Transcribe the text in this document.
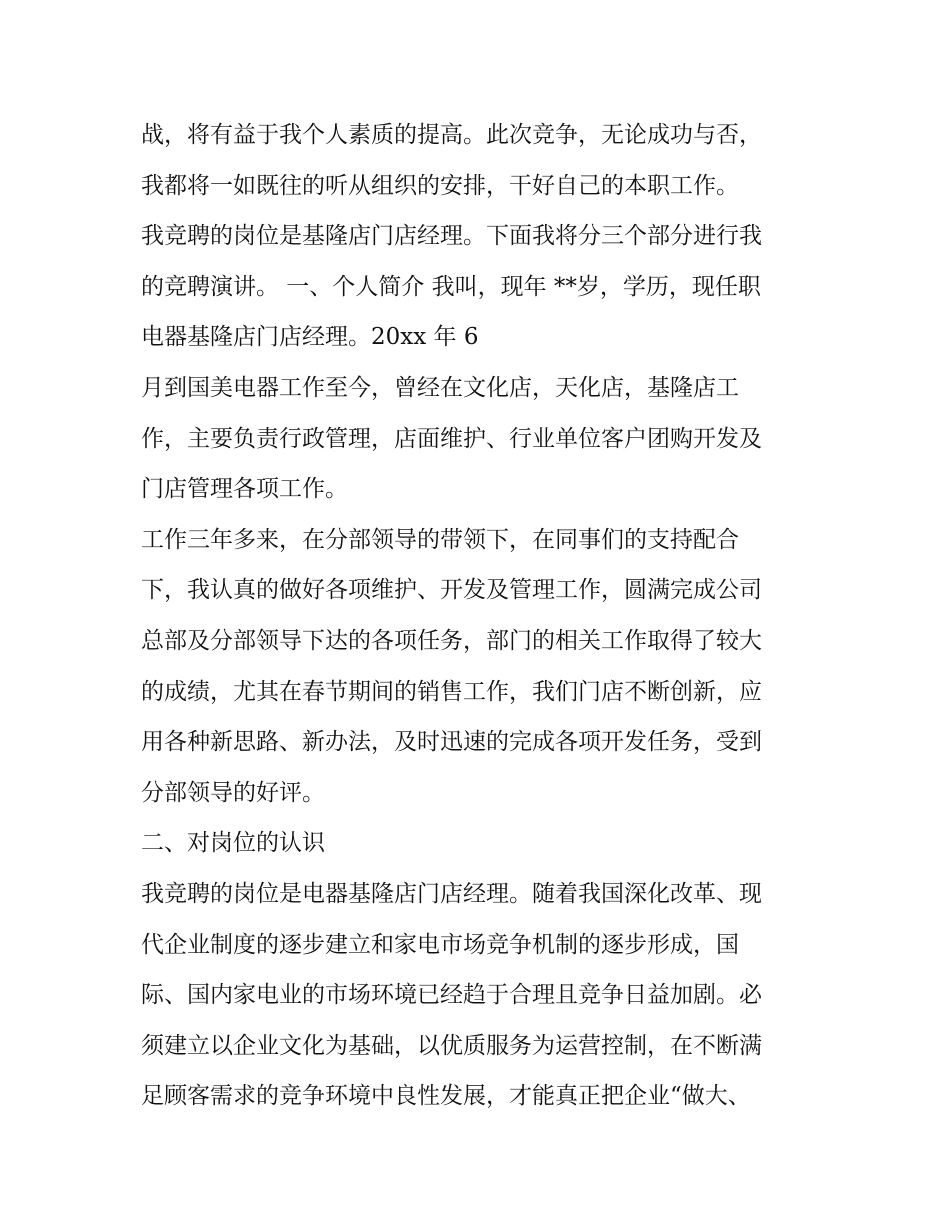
战，将有益于我个人素质的提高。此次竞争，无论成功与否，
我都将一如既往的听从组织的安排，干好自己的本职工作。
我竞聘的岗位是基隆店门店经理。下面我将分三个部分进行我
的竞聘演讲。 一、个人简介 我叫，现年 **岁，学历，现任职
电器基隆店门店经理。20xx 年 6
月到国美电器工作至今，曾经在文化店，天化店，基隆店工
作，主要负责行政管理，店面维护、行业单位客户团购开发及
门店管理各项工作。
工作三年多来，在分部领导的带领下，在同事们的支持配合
下，我认真的做好各项维护、开发及管理工作，圆满完成公司
总部及分部领导下达的各项任务，部门的相关工作取得了较大
的成绩，尤其在春节期间的销售工作，我们门店不断创新，应
用各种新思路、新办法，及时迅速的完成各项开发任务，受到
分部领导的好评。
二、对岗位的认识
我竞聘的岗位是电器基隆店门店经理。随着我国深化改革、现
代企业制度的逐步建立和家电市场竞争机制的逐步形成，国
际、国内家电业的市场环境已经趋于合理且竞争日益加剧。必
须建立以企业文化为基础，以优质服务为运营控制，在不断满
足顾客需求的竞争环境中良性发展，才能真正把企业“做大、
